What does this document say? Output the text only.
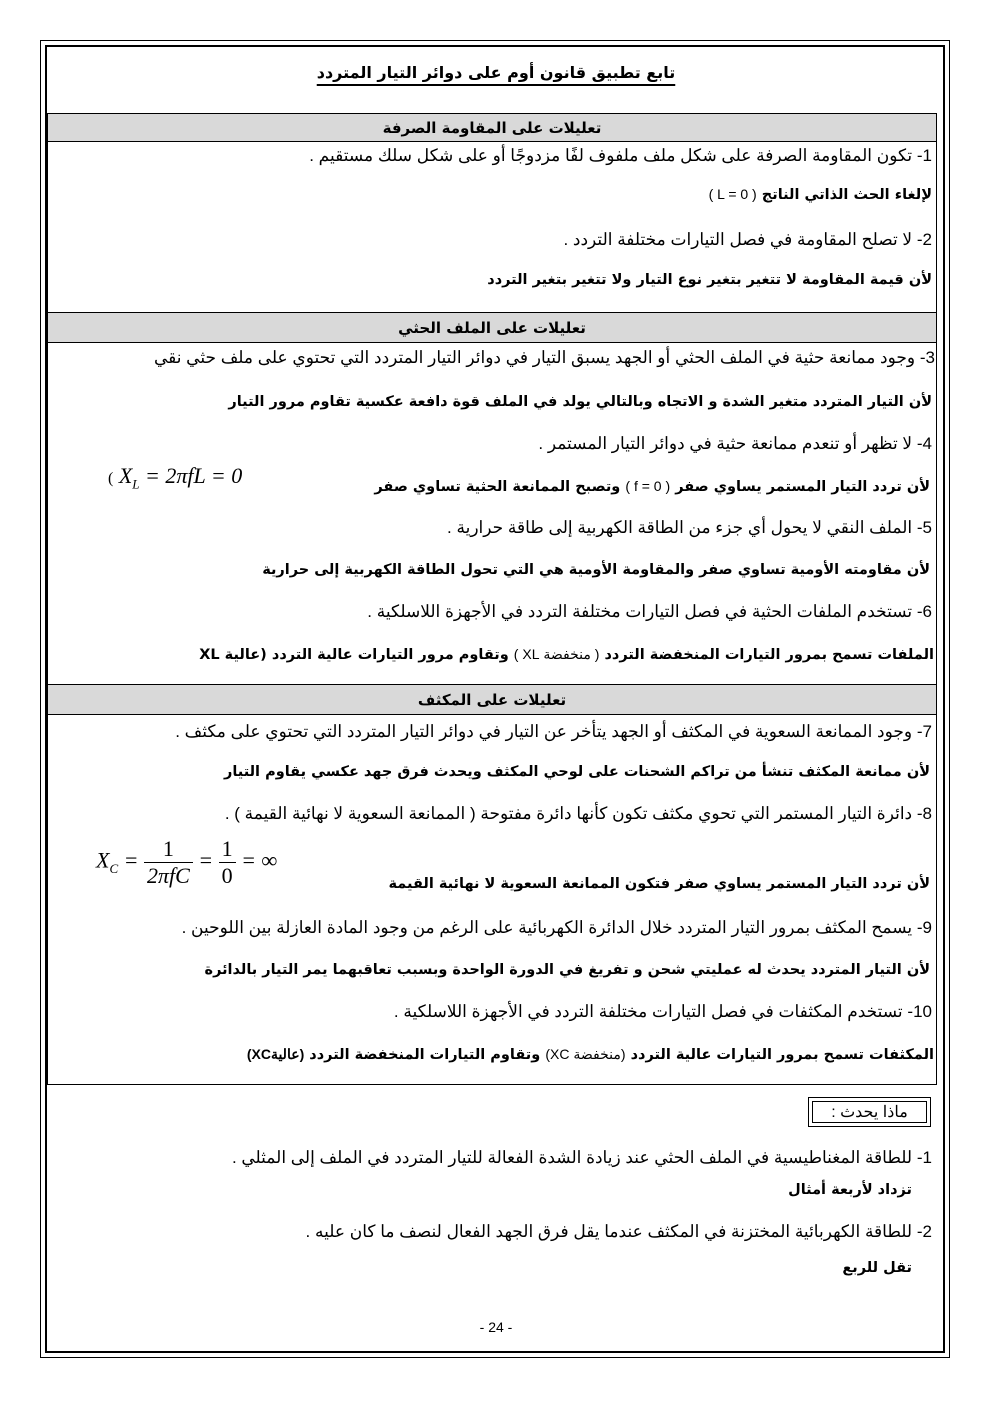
تابع تطبيق قانون أوم على دوائر التيار المتردد
تعليلات على المقاومة الصرفة
1- تكون المقاومة الصرفة على شكل ملف ملفوف لفًا مزدوجًا أو على شكل سلك مستقيم .
لإلغاء الحث الذاتي الناتج ( L = 0 )
2- لا تصلح المقاومة في فصل التيارات مختلفة التردد .
لأن قيمة المقاومة لا تتغير بتغير نوع التيار ولا تتغير بتغير التردد
تعليلات على الملف الحثي
3- وجود ممانعة حثية في الملف الحثي أو الجهد يسبق التيار في دوائر التيار المتردد التي تحتوي على ملف حثي نقي
لأن التيار المتردد متغير الشدة و الاتجاه وبالتالي يولد في الملف قوة دافعة عكسية تقاوم مرور التيار
4- لا تظهر أو تنعدم ممانعة حثية في دوائر التيار المستمر .
لأن تردد التيار المستمر يساوي صفر ( f = 0 ) وتصبح الممانعة الحثية تساوي صفر
( $X_L = 2\pi fL = 0$
5- الملف النقي لا يحول أي جزء من الطاقة الكهربية إلى طاقة حرارية .
لأن مقاومته الأومية تساوي صفر والمقاومة الأومية هي التي تحول الطاقة الكهربية إلى حرارية
6- تستخدم الملفات الحثية في فصل التيارات مختلفة التردد في الأجهزة اللاسلكية .
الملفات تسمح بمرور التيارات المنخفضة التردد ( منخفضة XL ) وتقاوم مرور التيارات عالية التردد (عالية XL
تعليلات على المكثف
7- وجود الممانعة السعوية في المكثف أو الجهد يتأخر عن التيار في دوائر التيار المتردد التي تحتوي على مكثف .
لأن ممانعة المكثف تنشأ من تراكم الشحنات على لوحي المكثف ويحدث فرق جهد عكسي يقاوم التيار
8- دائرة التيار المستمر التي تحوي مكثف تكون كأنها دائرة مفتوحة ( الممانعة السعوية لا نهائية القيمة ) .
لأن تردد التيار المستمر يساوي صفر فتكون الممانعة السعوية لا نهائية القيمة
$X_C = \frac{1}{\text{2πfC}} = \frac{1}{0}$ = ∞
9- يسمح المكثف بمرور التيار المتردد خلال الدائرة الكهربائية على الرغم من وجود المادة العازلة بين اللوحين .
لأن التيار المتردد يحدث له عمليتي شحن و تفريغ في الدورة الواحدة وبسبب تعاقبهما يمر التيار بالدائرة
10- تستخدم المكثفات في فصل التيارات مختلفة التردد في الأجهزة اللاسلكية .
المكثفات تسمح بمرور التيارات عالية التردد (منخفضة XC) وتقاوم التيارات المنخفضة التردد (عاليةXC)
ماذا يحدث :
1- للطاقة المغناطيسية في الملف الحثي عند زيادة الشدة الفعالة للتيار المتردد في الملف إلى المثلي .
تزداد لأربعة أمثال
2- للطاقة الكهربائية المختزنة في المكثف عندما يقل فرق الجهد الفعال لنصف ما كان عليه .
تقل للربع
- 24 -
